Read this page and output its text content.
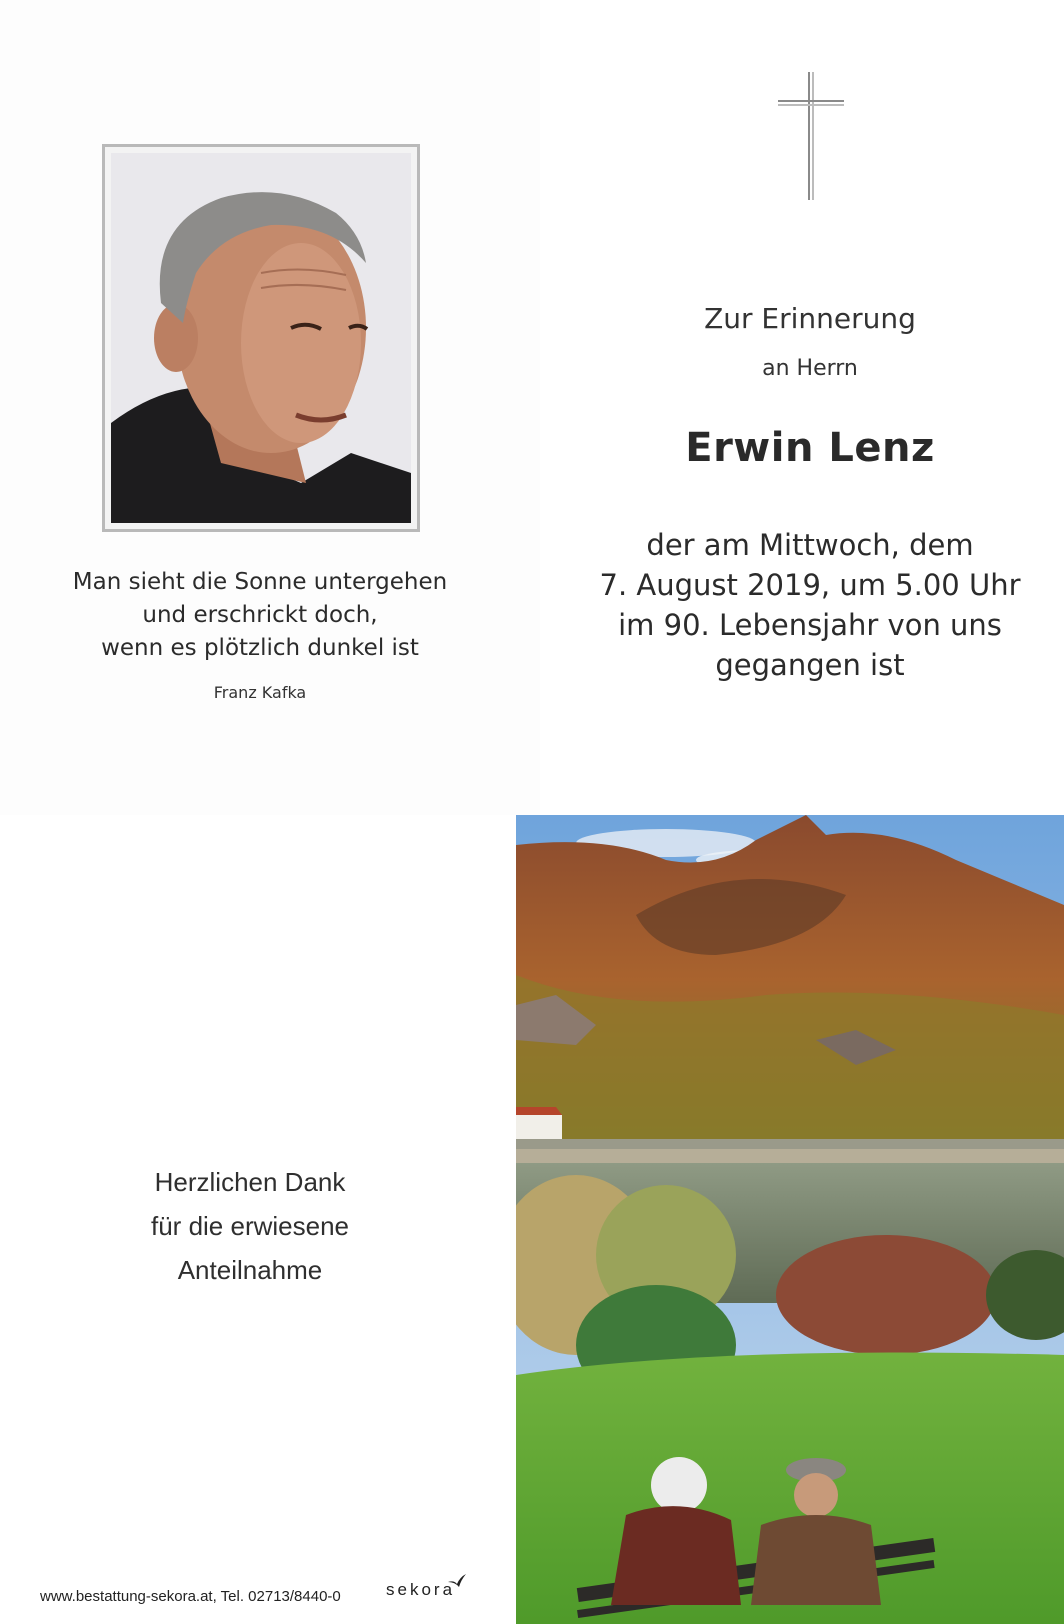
Man sieht die Sonne untergehen
und erschrickt doch,
wenn es plötzlich dunkel ist
Franz Kafka
Zur Erinnerung
an Herrn
Erwin Lenz
der am Mittwoch, dem
7. August 2019, um 5.00 Uhr
im 90. Lebensjahr von uns
gegangen ist
Herzlichen Dank
für die erwiesene
Anteilnahme
www.bestattung-sekora.at, Tel. 02713/8440-0	sekora
